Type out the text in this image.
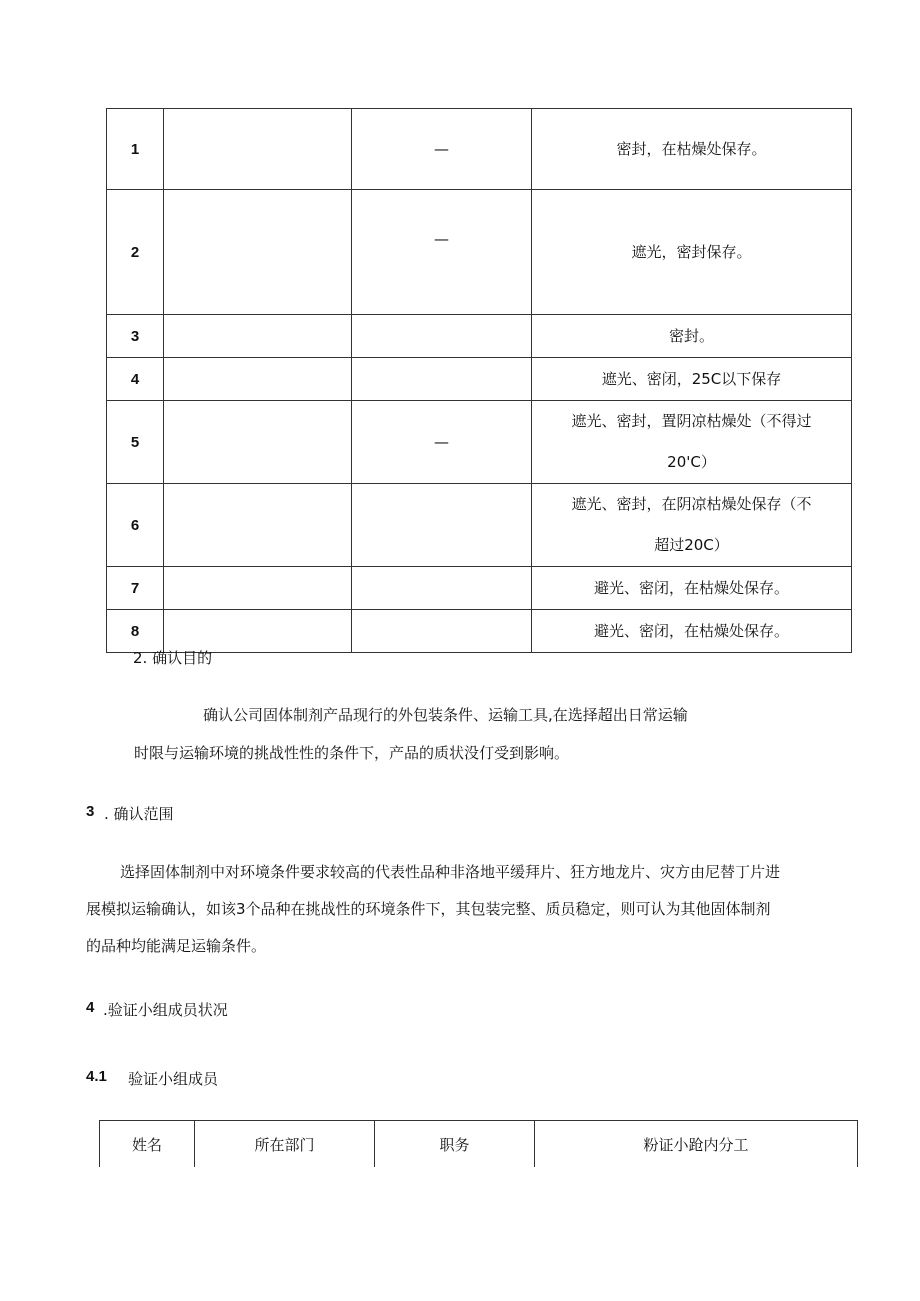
1		—	密封，在枯燥处保存。
2		—	遮光，密封保存。
3			密封。
4			遮光、密闭，25C以下保存
5		—	遮光、密封，置阴凉枯燥处（不得过
20'C）
6			遮光、密封，在阴凉枯燥处保存（不
超过20C）
7			避光、密闭，在枯燥处保存。
8			避光、密闭，在枯燥处保存。
2. 确认目的
确认公司固体制剂产品现行的外包装条件、运输工具,在选择超出日常运输
时限与运输环境的挑战性性的条件下，产品的质状没仃受到影响。
3 . 确认范围
选择固体制剂中对环境条件要求较高的代表性品种非洛地平缓拜片、狂方地龙片、灾方由尼替丁片进
展模拟运输确认，如该3个品种在挑战性的环境条件下，其包装完整、质员稳定，则可认为其他固体制剂
的品种均能满足运输条件。
4 .验证小组成员状况
4.1 验证小组成员
姓名	所在部门	职务	粉证小跄内分工
